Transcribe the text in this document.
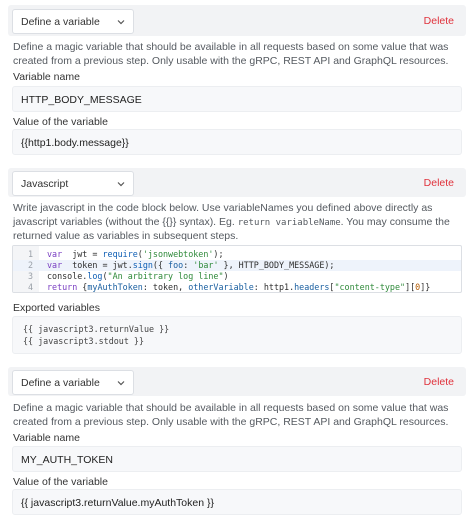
Define a variable	Delete
Define a magic variable that should be available in all requests based on some value that was created from a previous step. Only usable with the gRPC, REST API and GraphQL resources.
Variable name
HTTP_BODY_MESSAGE
Value of the variable
{{http1.body.message}}
Javascript	Delete
Write javascript in the code block below. Use variableNames you defined above directly as javascript variables (without the {{}} syntax). Eg. return variableName. You may consume the returned value as variables in subsequent steps.
1 var  jwt = require('jsonwebtoken');
2 var  token = jwt.sign({ foo: 'bar' }, HTTP_BODY_MESSAGE);
3 console.log("An arbitrary log line")
4 return {myAuthToken: token, otherVariable: http1.headers["content-type"][0]}
Exported variables
{{ javascript3.returnValue }}
{{ javascript3.stdout }}
Define a variable	Delete
Define a magic variable that should be available in all requests based on some value that was created from a previous step. Only usable with the gRPC, REST API and GraphQL resources.
Variable name
MY_AUTH_TOKEN
Value of the variable
{{ javascript3.returnValue.myAuthToken }}
